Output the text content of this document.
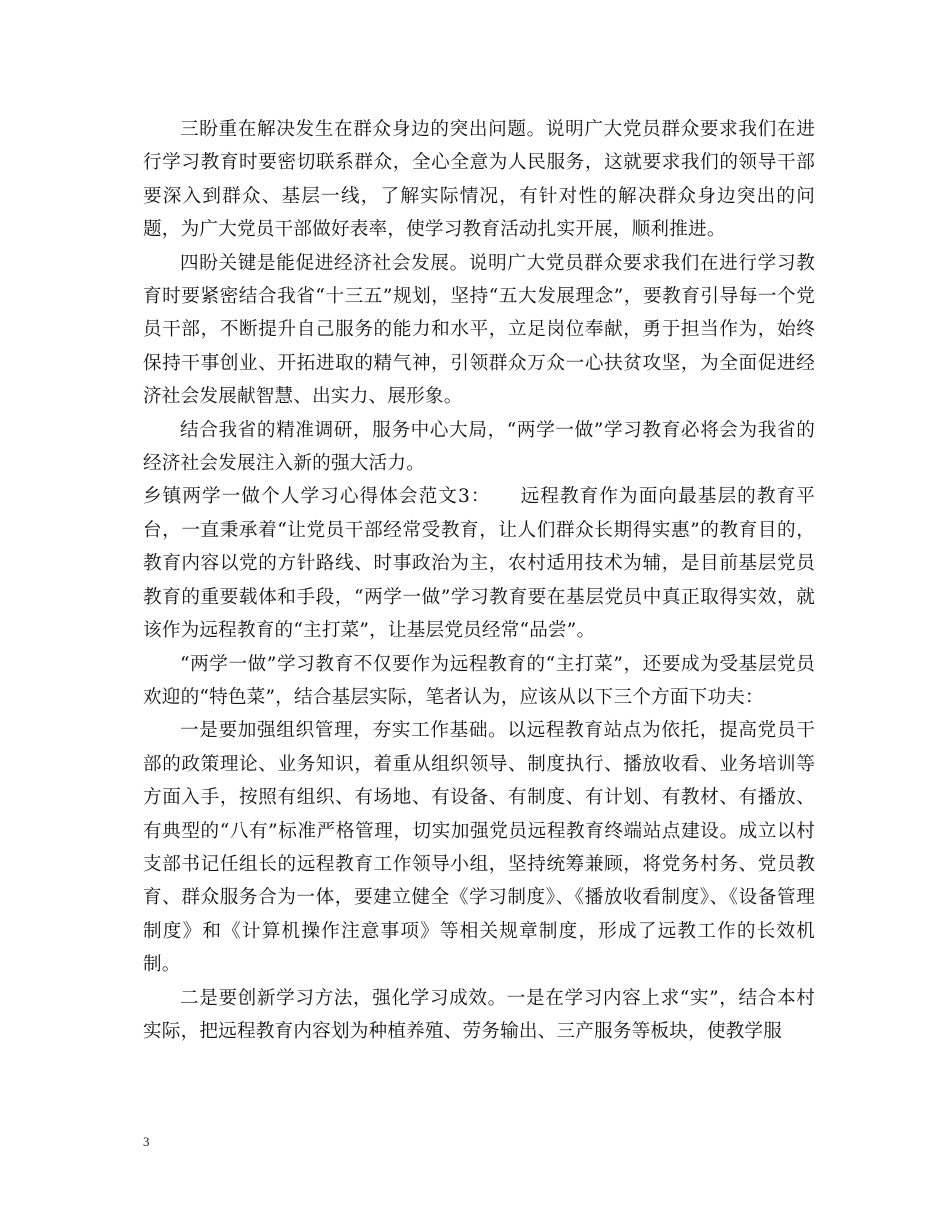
三盼重在解决发生在群众身边的突出问题。说明广大党员群众要求我们在进行学习教育时要密切联系群众，全心全意为人民服务，这就要求我们的领导干部要深入到群众、基层一线，了解实际情况，有针对性的解决群众身边突出的问题，为广大党员干部做好表率，使学习教育活动扎实开展，顺利推进。

四盼关键是能促进经济社会发展。说明广大党员群众要求我们在进行学习教育时要紧密结合我省“十三五”规划，坚持“五大发展理念”，要教育引导每一个党员干部，不断提升自己服务的能力和水平，立足岗位奉献，勇于担当作为，始终保持干事创业、开拓进取的精气神，引领群众万众一心扶贫攻坚，为全面促进经济社会发展献智慧、出实力、展形象。

结合我省的精准调研，服务中心大局，“两学一做”学习教育必将会为我省的经济社会发展注入新的强大活力。

乡镇两学一做个人学习心得体会范文3：　　远程教育作为面向最基层的教育平台，一直秉承着“让党员干部经常受教育，让人们群众长期得实惠”的教育目的，教育内容以党的方针路线、时事政治为主，农村适用技术为辅，是目前基层党员教育的重要载体和手段，“两学一做”学习教育要在基层党员中真正取得实效，就该作为远程教育的“主打菜”，让基层党员经常“品尝”。

“两学一做”学习教育不仅要作为远程教育的“主打菜”，还要成为受基层党员欢迎的“特色菜”，结合基层实际，笔者认为，应该从以下三个方面下功夫：

一是要加强组织管理，夯实工作基础。以远程教育站点为依托，提高党员干部的政策理论、业务知识，着重从组织领导、制度执行、播放收看、业务培训等方面入手，按照有组织、有场地、有设备、有制度、有计划、有教材、有播放、有典型的“八有”标准严格管理，切实加强党员远程教育终端站点建设。成立以村支部书记任组长的远程教育工作领导小组，坚持统筹兼顾，将党务村务、党员教育、群众服务合为一体，要建立健全《学习制度》、《播放收看制度》、《设备管理制度》和《计算机操作注意事项》等相关规章制度，形成了远教工作的长效机制。

二是要创新学习方法，强化学习成效。一是在学习内容上求“实”，结合本村实际，把远程教育内容划为种植养殖、劳务输出、三产服务等板块，使教学服

3
